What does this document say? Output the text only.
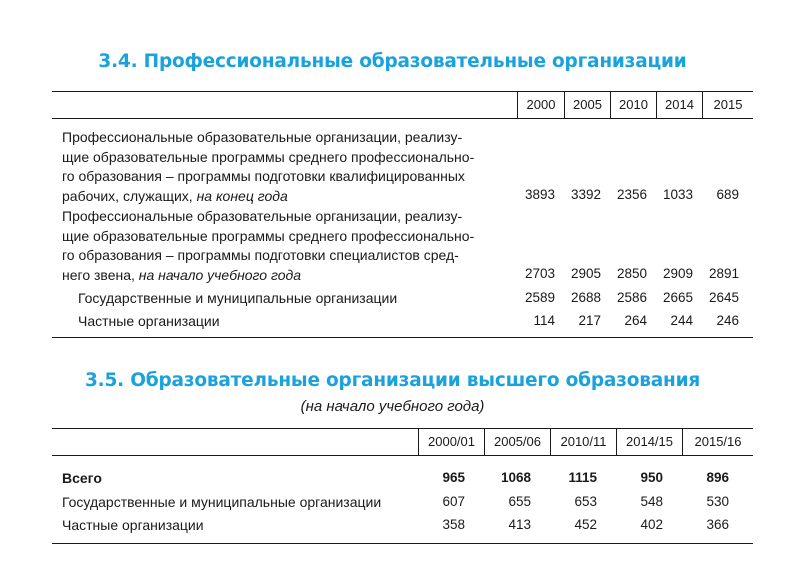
3.4. Профессиональные образовательные организации
2000	2005	2010	2014	2015
Профессиональные образовательные организации, реализу-
щие образовательные программы среднего профессионально-
го образования – программы подготовки квалифицированных
рабочих, служащих, на конец года	3893	3392	2356	1033	689
Профессиональные образовательные организации, реализу-
щие образовательные программы среднего профессионально-
го образования – программы подготовки специалистов сред-
него звена, на начало учебного года	2703	2905	2850	2909	2891
Государственные и муниципальные организации	2589	2688	2586	2665	2645
Частные организации	114	217	264	244	246
3.5. Образовательные организации высшего образования
(на начало учебного года)
2000/01	2005/06	2010/11	2014/15	2015/16
Всего	965	1068	1115	950	896
Государственные и муниципальные организации	607	655	653	548	530
Частные организации	358	413	452	402	366
